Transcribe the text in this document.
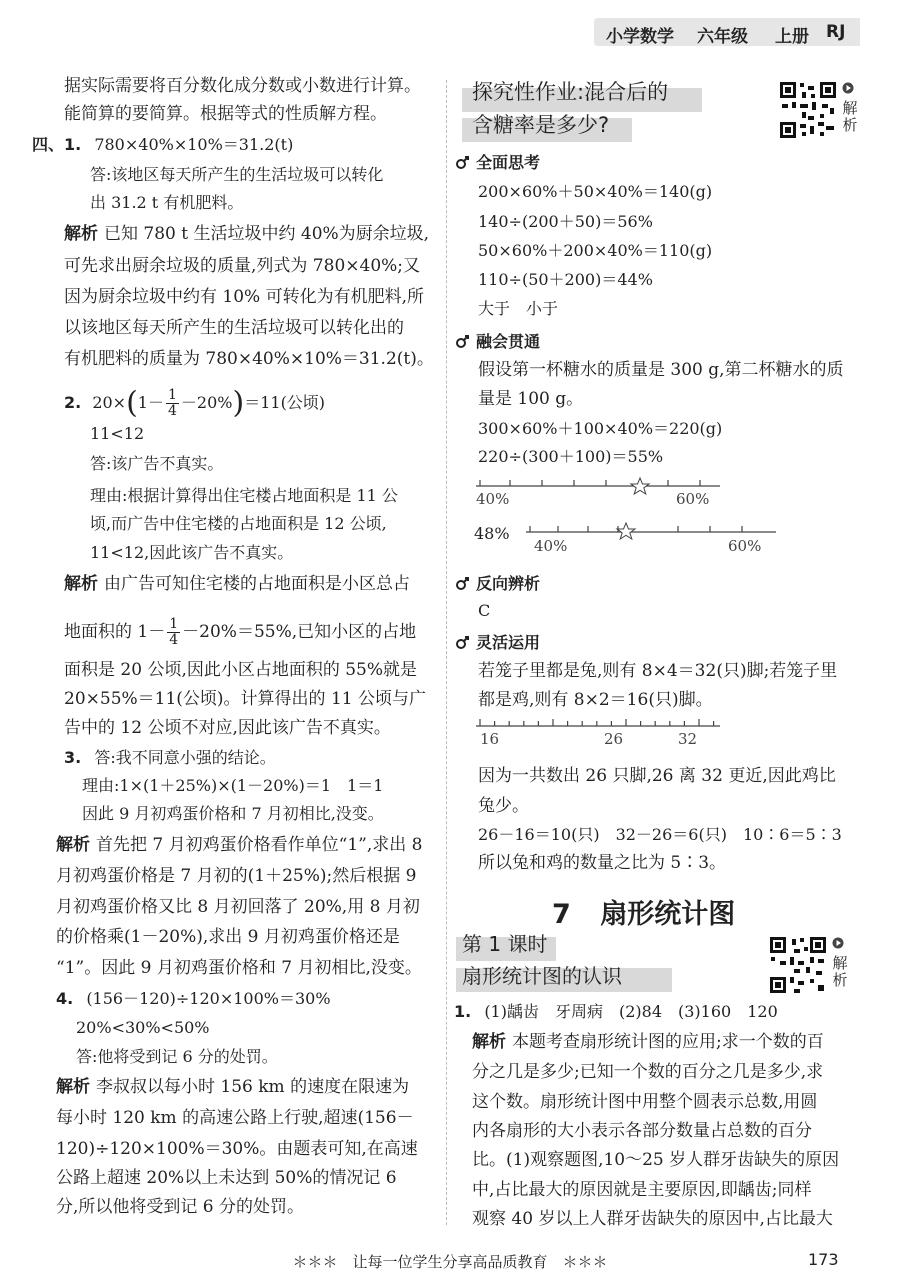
小学数学 六年级 上册 RJ
据实际需要将百分数化成分数或小数进行计算。
能简算的要简算。根据等式的性质解方程。
四、1. 780×40%×10%＝31.2(t)
答:该地区每天所产生的生活垃圾可以转化
出 31.2 t 有机肥料。
解析 已知 780 t 生活垃圾中约 40%为厨余垃圾,
可先求出厨余垃圾的质量,列式为 780×40%;又
因为厨余垃圾中约有 10% 可转化为有机肥料,所
以该地区每天所产生的生活垃圾可以转化出的
有机肥料的质量为 780×40%×10%＝31.2(t)。
2. $20\times(1- \frac{1}{4} -20\%)=11$(公顷)
11<12
答:该广告不真实。
理由:根据计算得出住宅楼占地面积是 11 公
顷,而广告中住宅楼的占地面积是 12 公顷,
11<12,因此该广告不真实。
解析 由广告可知住宅楼的占地面积是小区总占
地面积的 $1- \frac{1}{4} -20\%=55\%$,已知小区的占地
面积是 20 公顷,因此小区占地面积的 55%就是
20×55%＝11(公顷)。计算得出的 11 公顷与广
告中的 12 公顷不对应,因此该广告不真实。
3. 答:我不同意小强的结论。
理由:1×(1＋25%)×(1－20%)＝1　1＝1
因此 9 月初鸡蛋价格和 7 月初相比,没变。
解析 首先把 7 月初鸡蛋价格看作单位“1”,求出 8
月初鸡蛋价格是 7 月初的(1＋25%);然后根据 9
月初鸡蛋价格又比 8 月初回落了 20%,用 8 月初
的价格乘(1－20%),求出 9 月初鸡蛋价格还是
“1”。因此 9 月初鸡蛋价格和 7 月初相比,没变。
4. (156－120)÷120×100%＝30%
20%<30%<50%
答:他将受到记 6 分的处罚。
解析 李叔叔以每小时 156 km 的速度在限速为
每小时 120 km 的高速公路上行驶,超速(156－
120)÷120×100%＝30%。由题表可知,在高速
公路上超速 20%以上未达到 50%的情况记 6
分,所以他将受到记 6 分的处罚。
探究性作业:混合后的
含糖率是多少?
解析
全面思考
200×60%＋50×40%＝140(g)
140÷(200＋50)＝56%
50×60%＋200×40%＝110(g)
110÷(50＋200)＝44%
大于　小于
融会贯通
假设第一杯糖水的质量是 300 g,第二杯糖水的质
量是 100 g。
300×60%＋100×40%＝220(g)
220÷(300＋100)＝55%
40%	60%
48%
40%	60%
反向辨析
C
灵活运用
若笼子里都是兔,则有 8×4＝32(只)脚;若笼子里
都是鸡,则有 8×2＝16(只)脚。
16	26	32
因为一共数出 26 只脚,26 离 32 更近,因此鸡比
兔少。
26－16＝10(只)　32－26＝6(只)　10∶6＝5∶3
所以兔和鸡的数量之比为 5∶3。
7 扇形统计图
第 1 课时
扇形统计图的认识
解析
1. (1)龋齿　牙周病　(2)84　(3)160　120
解析 本题考查扇形统计图的应用;求一个数的百
分之几是多少;已知一个数的百分之几是多少,求
这个数。扇形统计图中用整个圆表示总数,用圆
内各扇形的大小表示各部分数量占总数的百分
比。(1)观察题图,10～25 岁人群牙齿缺失的原因
中,占比最大的原因就是主要原因,即龋齿;同样
观察 40 岁以上人群牙齿缺失的原因中,占比最大
＊＊＊　让每一位学生分享高品质教育　＊＊＊	173
